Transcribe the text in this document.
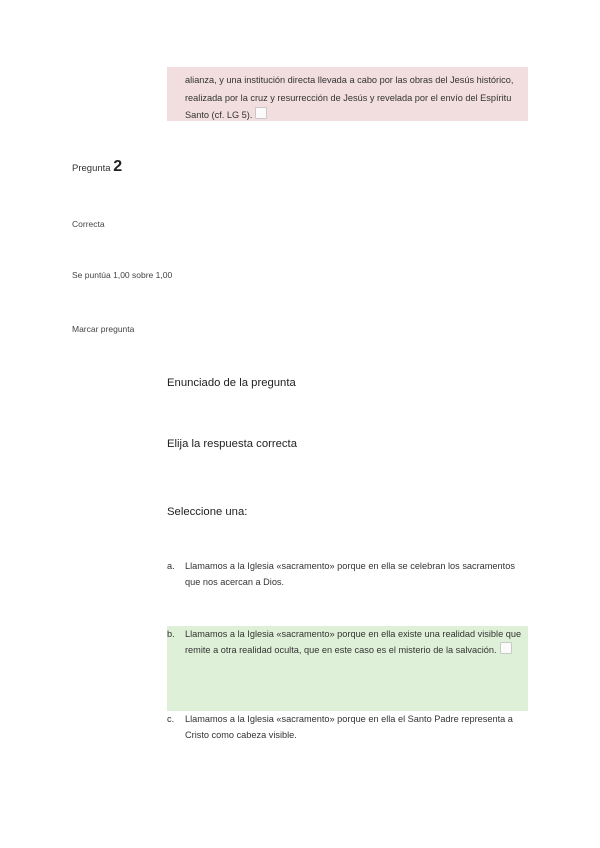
alianza, y una institución directa llevada a cabo por las obras del Jesús histórico, realizada por la cruz y resurrección de Jesús y revelada por el envío del Espíritu Santo (cf. LG 5).
Pregunta 2
Correcta
Se puntúa 1,00 sobre 1,00
Marcar pregunta
Enunciado de la pregunta
Elija la respuesta correcta
Seleccione una:
a. Llamamos a la Iglesia «sacramento» porque en ella se celebran los sacramentos que nos acercan a Dios.
b. Llamamos a la Iglesia «sacramento» porque en ella existe una realidad visible que remite a otra realidad oculta, que en este caso es el misterio de la salvación.
c. Llamamos a la Iglesia «sacramento» porque en ella el Santo Padre representa a Cristo como cabeza visible.
